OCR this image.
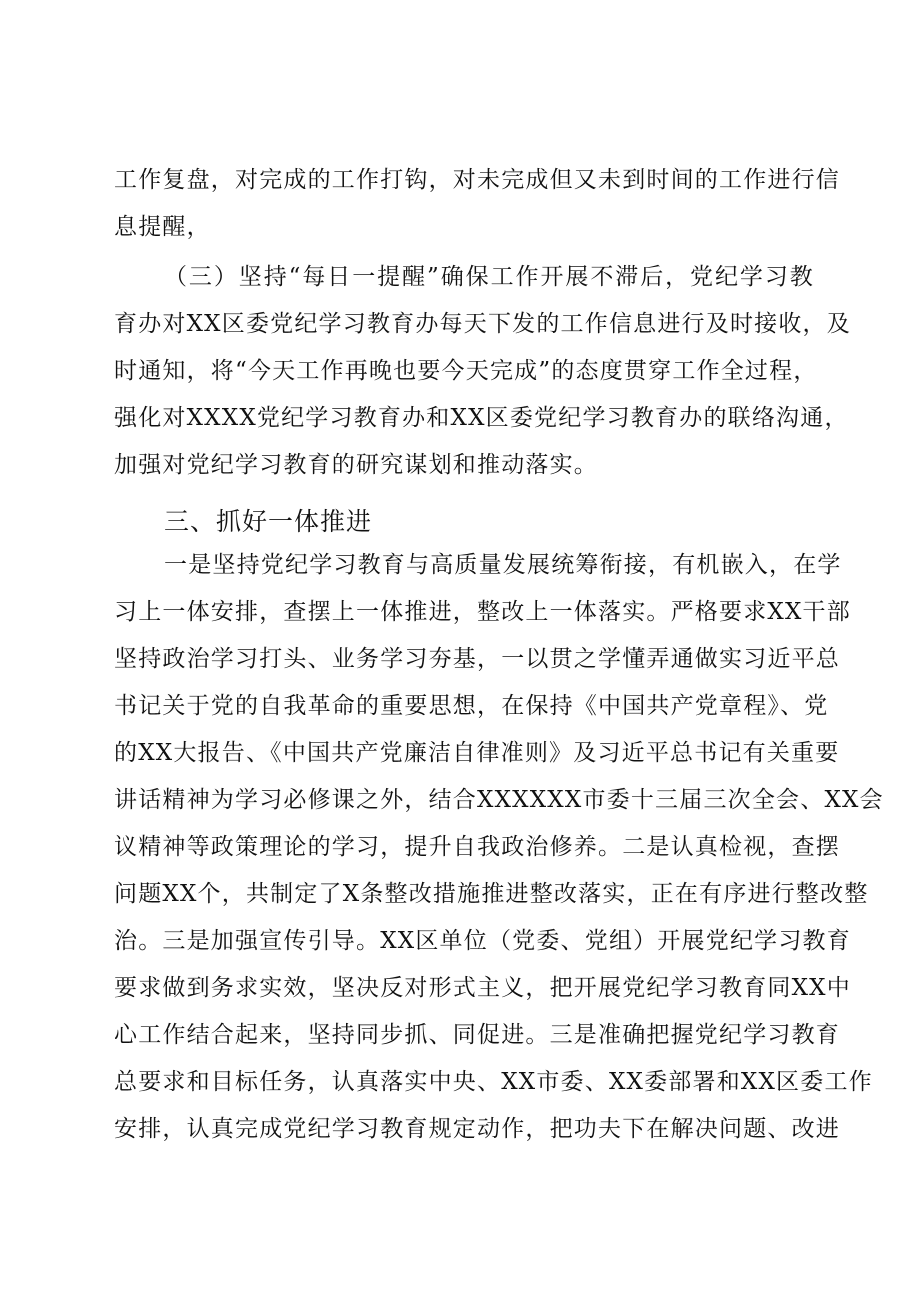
工作复盘，对完成的工作打钩，对未完成但又未到时间的工作进行信
息提醒，
（三）坚持“每日一提醒”确保工作开展不滞后，党纪学习教
育办对XX区委党纪学习教育办每天下发的工作信息进行及时接收，及
时通知，将“今天工作再晚也要今天完成”的态度贯穿工作全过程，
强化对XXXX党纪学习教育办和XX区委党纪学习教育办的联络沟通，
加强对党纪学习教育的研究谋划和推动落实。
三、抓好一体推进
一是坚持党纪学习教育与高质量发展统筹衔接，有机嵌入，在学
习上一体安排，查摆上一体推进，整改上一体落实。严格要求XX干部
坚持政治学习打头、业务学习夯基，一以贯之学懂弄通做实习近平总
书记关于党的自我革命的重要思想，在保持《中国共产党章程》、党
的XX大报告、《中国共产党廉洁自律准则》及习近平总书记有关重要
讲话精神为学习必修课之外，结合XXXXXX市委十三届三次全会、XX会
议精神等政策理论的学习，提升自我政治修养。二是认真检视，查摆
问题XX个，共制定了X条整改措施推进整改落实，正在有序进行整改整
治。三是加强宣传引导。XX区单位（党委、党组）开展党纪学习教育
要求做到务求实效，坚决反对形式主义，把开展党纪学习教育同XX中
心工作结合起来，坚持同步抓、同促进。三是准确把握党纪学习教育
总要求和目标任务，认真落实中央、XX市委、XX委部署和XX区委工作
安排，认真完成党纪学习教育规定动作，把功夫下在解决问题、改进
